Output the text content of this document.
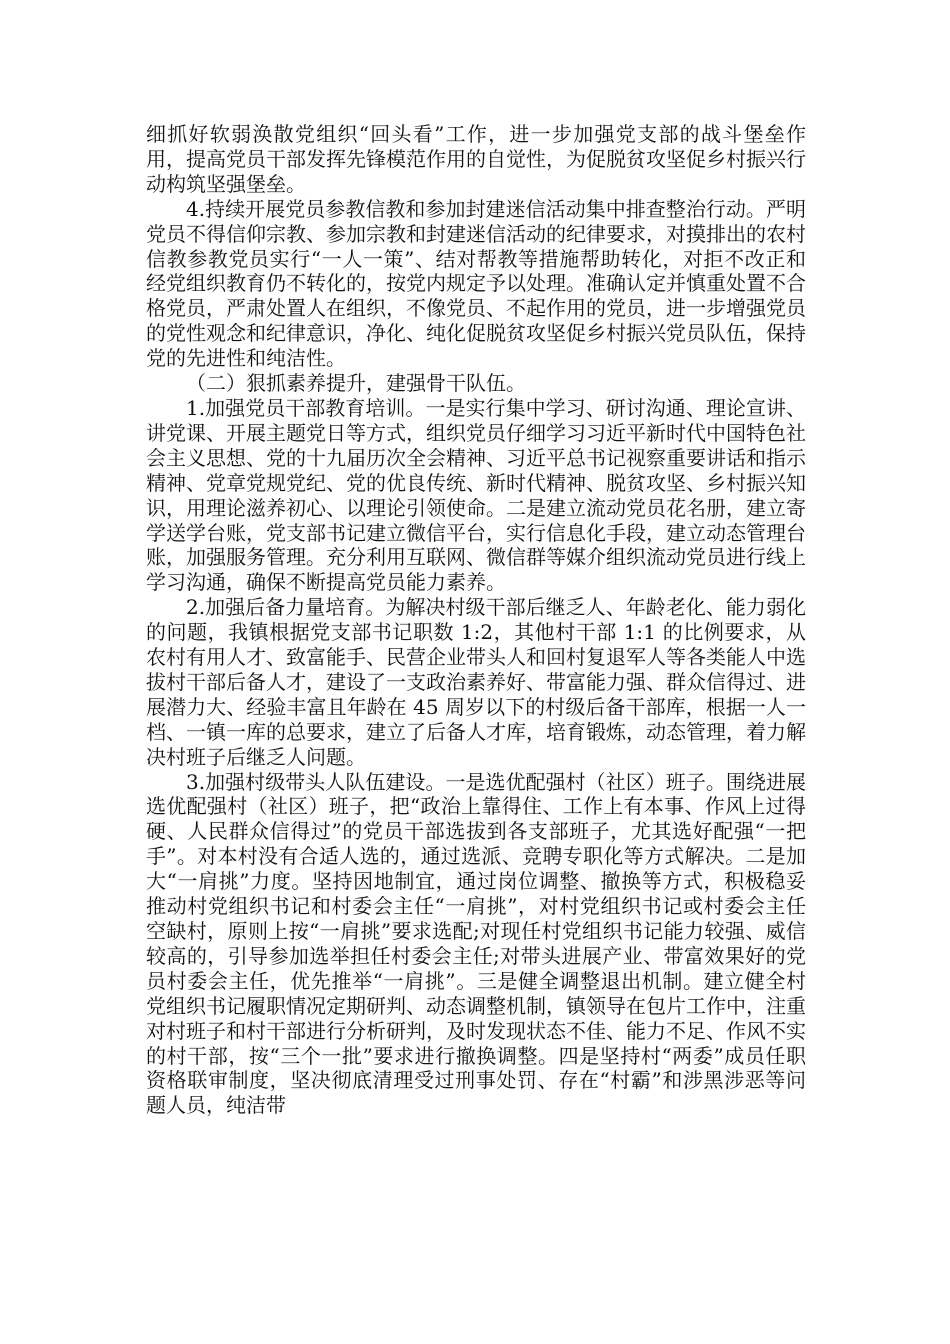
细抓好软弱涣散党组织“回头看”工作，进一步加强党支部的战斗堡垒作用，提高党员干部发挥先锋模范作用的自觉性，为促脱贫攻坚促乡村振兴行动构筑坚强堡垒。

4.持续开展党员参教信教和参加封建迷信活动集中排查整治行动。严明党员不得信仰宗教、参加宗教和封建迷信活动的纪律要求，对摸排出的农村信教参教党员实行“一人一策”、结对帮教等措施帮助转化，对拒不改正和经党组织教育仍不转化的，按党内规定予以处理。准确认定并慎重处置不合格党员，严肃处置人在组织，不像党员、不起作用的党员，进一步增强党员的党性观念和纪律意识，净化、纯化促脱贫攻坚促乡村振兴党员队伍，保持党的先进性和纯洁性。

（二）狠抓素养提升，建强骨干队伍。

1.加强党员干部教育培训。一是实行集中学习、研讨沟通、理论宣讲、讲党课、开展主题党日等方式，组织党员仔细学习习近平新时代中国特色社会主义思想、党的十九届历次全会精神、习近平总书记视察重要讲话和指示精神、党章党规党纪、党的优良传统、新时代精神、脱贫攻坚、乡村振兴知识，用理论滋养初心、以理论引领使命。二是建立流动党员花名册，建立寄学送学台账，党支部书记建立微信平台，实行信息化手段，建立动态管理台账，加强服务管理。充分利用互联网、微信群等媒介组织流动党员进行线上学习沟通，确保不断提高党员能力素养。

2.加强后备力量培育。为解决村级干部后继乏人、年龄老化、能力弱化的问题，我镇根据党支部书记职数 1:2，其他村干部 1:1 的比例要求，从农村有用人才、致富能手、民营企业带头人和回村复退军人等各类能人中选拔村干部后备人才，建设了一支政治素养好、带富能力强、群众信得过、进展潜力大、经验丰富且年龄在 45 周岁以下的村级后备干部库，根据一人一档、一镇一库的总要求，建立了后备人才库，培育锻炼，动态管理，着力解决村班子后继乏人问题。

3.加强村级带头人队伍建设。一是选优配强村（社区）班子。围绕进展选优配强村（社区）班子，把“政治上靠得住、工作上有本事、作风上过得硬、人民群众信得过”的党员干部选拔到各支部班子，尤其选好配强“一把手”。对本村没有合适人选的，通过选派、竞聘专职化等方式解决。二是加大“一肩挑”力度。坚持因地制宜，通过岗位调整、撤换等方式，积极稳妥推动村党组织书记和村委会主任“一肩挑”，对村党组织书记或村委会主任空缺村，原则上按“一肩挑”要求选配;对现任村党组织书记能力较强、威信较高的，引导参加选举担任村委会主任;对带头进展产业、带富效果好的党员村委会主任，优先推举“一肩挑”。三是健全调整退出机制。建立健全村党组织书记履职情况定期研判、动态调整机制，镇领导在包片工作中，注重对村班子和村干部进行分析研判，及时发现状态不佳、能力不足、作风不实的村干部，按“三个一批”要求进行撤换调整。四是坚持村“两委”成员任职资格联审制度，坚决彻底清理受过刑事处罚、存在“村霸”和涉黑涉恶等问题人员，纯洁带
